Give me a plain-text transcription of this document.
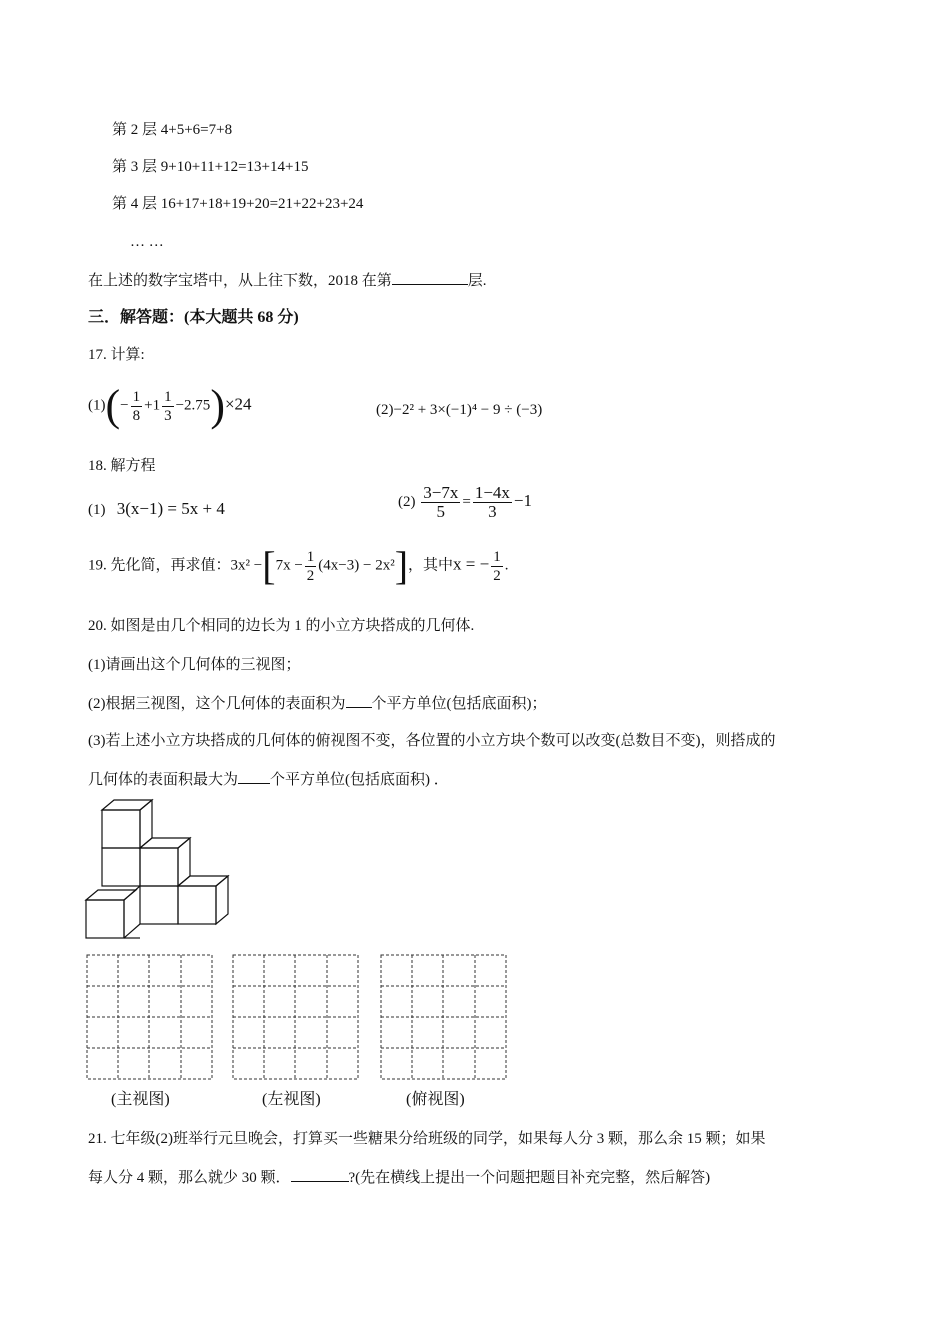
第 2 层 4+5+6=7+8
第 3 层 9+10+11+12=13+14+15
第 4 层 16+17+18+19+20=21+22+23+24
… …
在上述的数字宝塔中，从上往下数，2018 在第	层.
三．解答题：(本大题共 68 分)
17. 计算:
$(1)(- \frac{1}{8} +1 \frac{1}{3} -2.75)\times 24$	(2)−2² + 3×(−1)⁴ − 9 ÷ (−3)
18. 解方程
(1) 3(x−1) = 5x + 4	$(2) \frac{3-7x}{5} = \frac{1-4x}{3} -1$
19. 先化简，再求值：$3x^2 -[7x - \frac{1}{2} (4x-3) - 2x^2]$，其中x = − $\frac{1}{2}$ .
20. 如图是由几个相同的边长为 1 的小立方块搭成的几何体.
(1)请画出这个几何体的三视图；
(2)根据三视图，这个几何体的表面积为 个平方单位(包括底面积)；
(3)若上述小立方块搭成的几何体的俯视图不变，各位置的小立方块个数可以改变(总数目不变)，则搭成的
几何体的表面积最大为 个平方单位(包括底面积) ．
(主视图)	(左视图)	(俯视图)
21. 七年级(2)班举行元旦晚会，打算买一些糖果分给班级的同学，如果每人分 3 颗，那么余 15 颗；如果
每人分 4 颗，那么就少 30 颗．	?(先在横线上提出一个问题把题目补充完整，然后解答)
